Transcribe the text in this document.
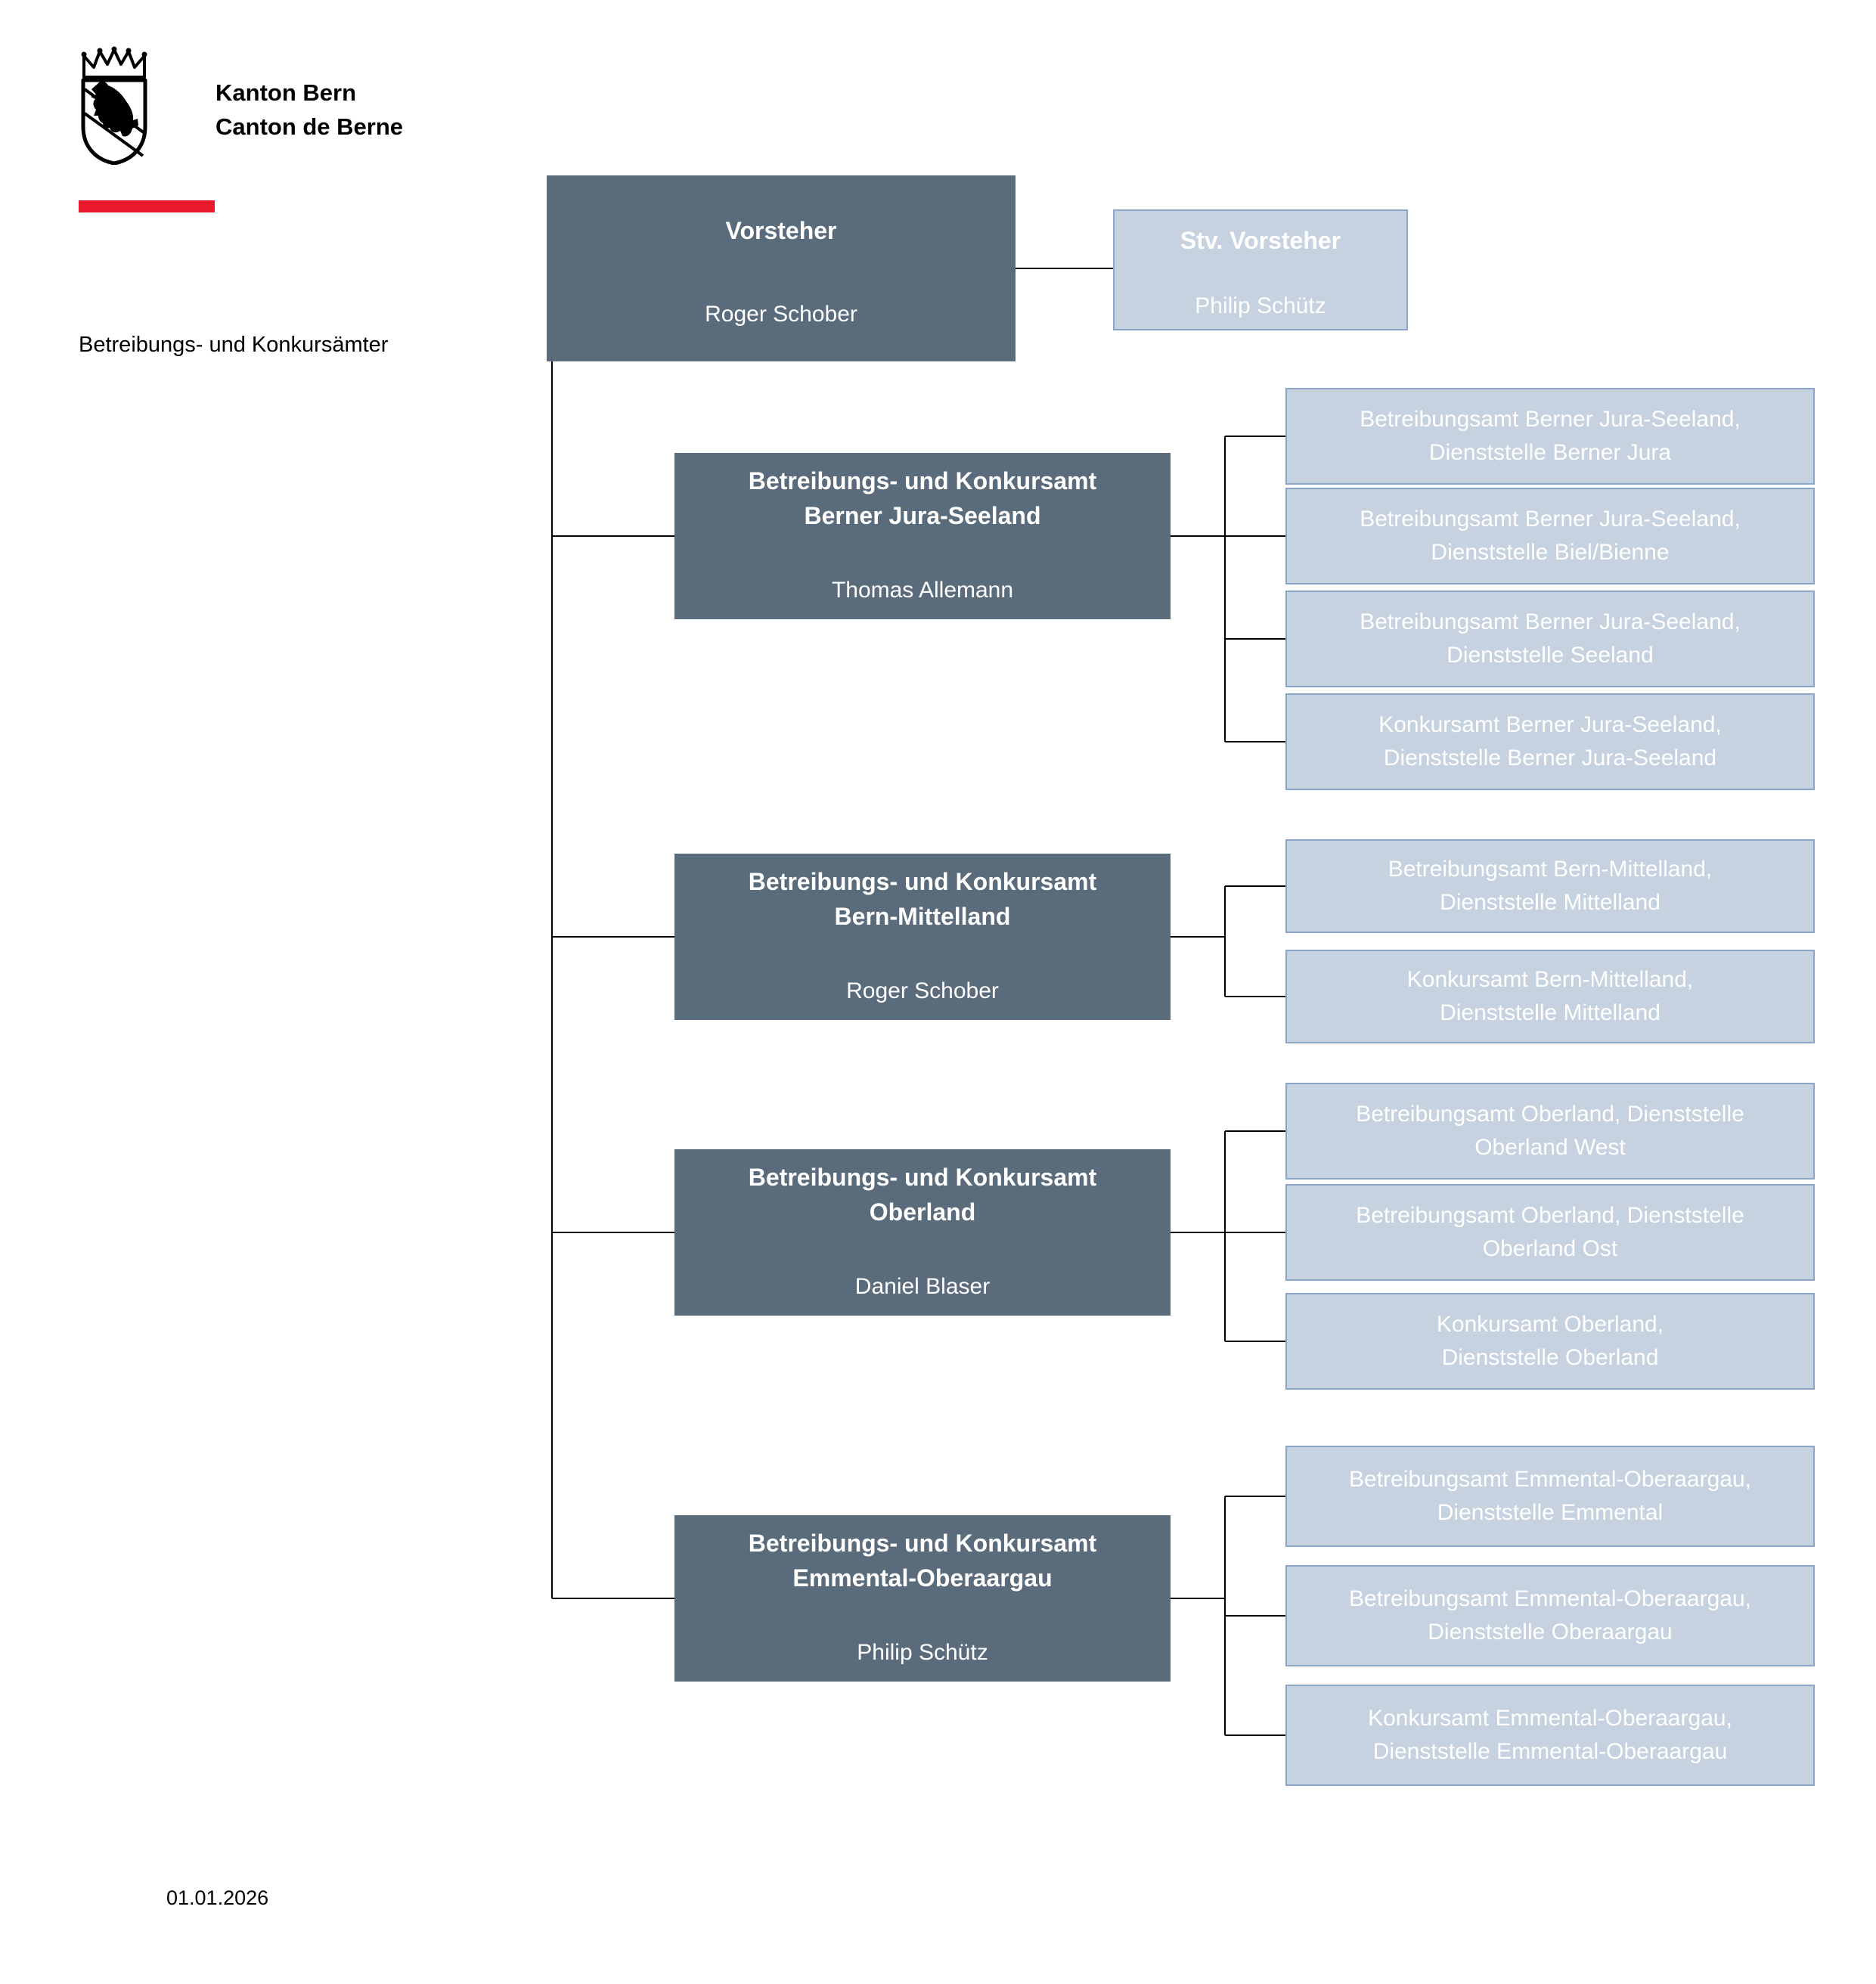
Kanton Bern
Canton de Berne
Betreibungs- und Konkursämter
Vorsteher
Roger Schober
Stv. Vorsteher
Philip Schütz
Betreibungs- und Konkursamt
Berner Jura-Seeland
Thomas Allemann
Betreibungsamt Berner Jura-Seeland,
Dienststelle Berner Jura
Betreibungsamt Berner Jura-Seeland,
Dienststelle Biel/Bienne
Betreibungsamt Berner Jura-Seeland,
Dienststelle Seeland
Konkursamt Berner Jura-Seeland,
Dienststelle Berner Jura-Seeland
Betreibungs- und Konkursamt
Bern-Mittelland
Roger Schober
Betreibungsamt Bern-Mittelland,
Dienststelle Mittelland
Konkursamt Bern-Mittelland,
Dienststelle Mittelland
Betreibungs- und Konkursamt
Oberland
Daniel Blaser
Betreibungsamt Oberland, Dienststelle
Oberland West
Betreibungsamt Oberland, Dienststelle
Oberland Ost
Konkursamt Oberland,
Dienststelle Oberland
Betreibungs- und Konkursamt
Emmental-Oberaargau
Philip Schütz
Betreibungsamt Emmental-Oberaargau,
Dienststelle Emmental
Betreibungsamt Emmental-Oberaargau,
Dienststelle Oberaargau
Konkursamt Emmental-Oberaargau,
Dienststelle Emmental-Oberaargau
01.01.2026
